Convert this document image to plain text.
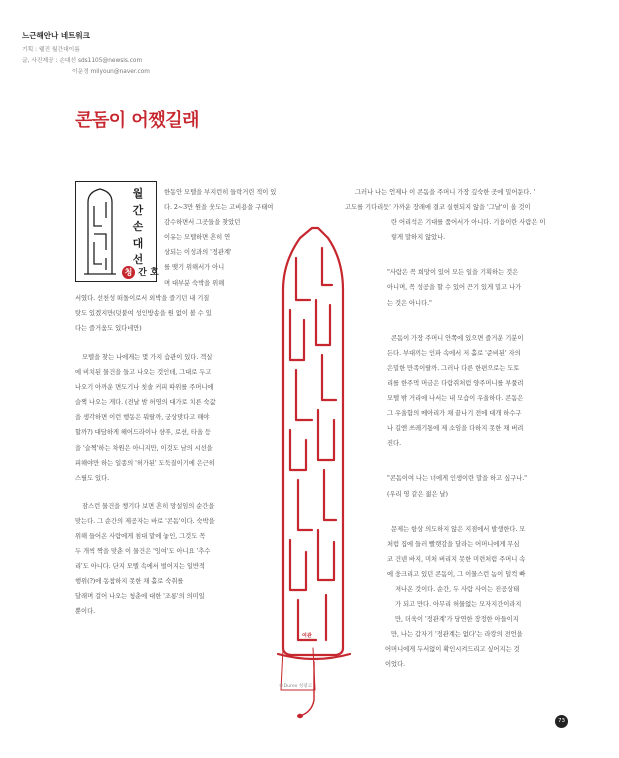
느근해안나 네트워크
기획 : 웰진 월간대이름
글, 사진제공 : 손대선 sds1105@newsis.com
이운정 milyoun@naver.com
콘돔이 어쨌길래
여관
©Durex 성광고
월
간
손
대
선
청 간 호

한동안 모텔을 부지런히 들락거린 적이 있
다. 2~3만 원을 웃도는 고비용을 구태여
감수하면서 그곳들을 찾았던
이유는 모텔하면 흔히 연
상되는 이성과의 '정관계'
를 맺기 위해서가 아니
며 대부분 숙박을 위해
서였다. 선천성 떠돌이로서 외박을 즐기던 내 기질
탓도 있겠지만(덧붙여 성인방송을 원 없이 볼 수 있
다는 즐거움도 있다네만)

모텔을 찾는 나에게는 몇 가지 습관이 있다. 객실
에 비치된 물건을 들고 나오는 것인데, 그대로 두고
나오기 아까운 면도기나 칫솔 커피 따위를 주머니에
슬쩍 나오는 게다. (전날 밤 허영의 대가로 치른 숙값
을 생각하면 이런 행동은 뭐랄까, 궁상맞다고 해야
할까?) 대담하게 헤어드라이나 샴푸, 로션, 타올 등
을 '슬쩍'하는 차원은 아니지만, 이것도 남의 시선을
피해야만 하는 일종의 '허가된' 도둑질이기에 은근히
스릴도 있다.

잠스런 물건을 챙기다 보면 흔히 망설임의 순간을
맞는다. 그 순간의 제공자는 바로 '콘돔'이다. 숙박을
위해 들어온 사람에게 침대 맡에 놓인, 그것도 꼭
두 개씩 짝을 맞춘 이 물건은 '잉여'도 아니요 '추수
리'도 아니다. 단지 모텔 속에서 벌어지는 일반적
행위(?)에 동참하지 못한 채 홀로 숙취를
달래며 걸어 나오는 청춘에 대한 '조롱'의 의미일
뿐이다.

그러나 나는 언제나 이 콘돔을 주머니 가장 깊숙한 곳에 밀어둔다. '
고도를 기다리듯' 가까운 장래에 결코 실현되지 않을 '그날'이 올 것이
란 어리석은 기대를 품어서가 아니다. 기융이란 사람은 이
렇게 말하지 않았나.

"사람은 꼭 희망이 있어 모든 일을 기획하는 것은
아니며, 꼭 성공을 할 수 있어 끈기 있게 밀고 나가
는 것은 아니다."

콘돔이 가장 주머니 안쪽에 있으면 즐거운 기분이
든다. 부대끼는 인파 속에서 저 홀로 '준비된' 자의
은밀한 만족이랄까. 그러나 다른 한편으로는 도토
리를 한주먹 머금은 다람쥐처럼 양주머니를 부풀려
모텔 밖 거리에 나서는 내 모습이 우울하다. 콘돔은
그 우울함의 메아리가 채 끝나기 전에 대개 하수구
나 길엔 쓰레기통에 제 소임을 다하지 못한 채 버려
진다.

"콘돔이여 나는 너에게 인생이란 말을 하고 싶구나."
(우리 영 같은 젊은 날)

문제는 항상 의도하지 않은 지점에서 발생한다. 모
처럼 집에 들러 빨랫감을 달라는 어머니에게 무심
코 건넨 바지, 미처 버리지 못한 미련처럼 주머니 속
에 웅크리고 있던 콘돔이, 그 이물스런 놈이 덜컥 빠
져나온 것이다. 순간, 두 사람 사이는 진공상태
가 되고 만다. 아무리 허물없는 모자지간이라지
만, 더욱이 '정관계'가 당연한 장정한 아들이지
만, 나는 갑자기 '정관계는 없다'는 라캉의 전언을
어머니에게 두서없이 확인시켜드리고 싶어지는 것
이었다.

73
